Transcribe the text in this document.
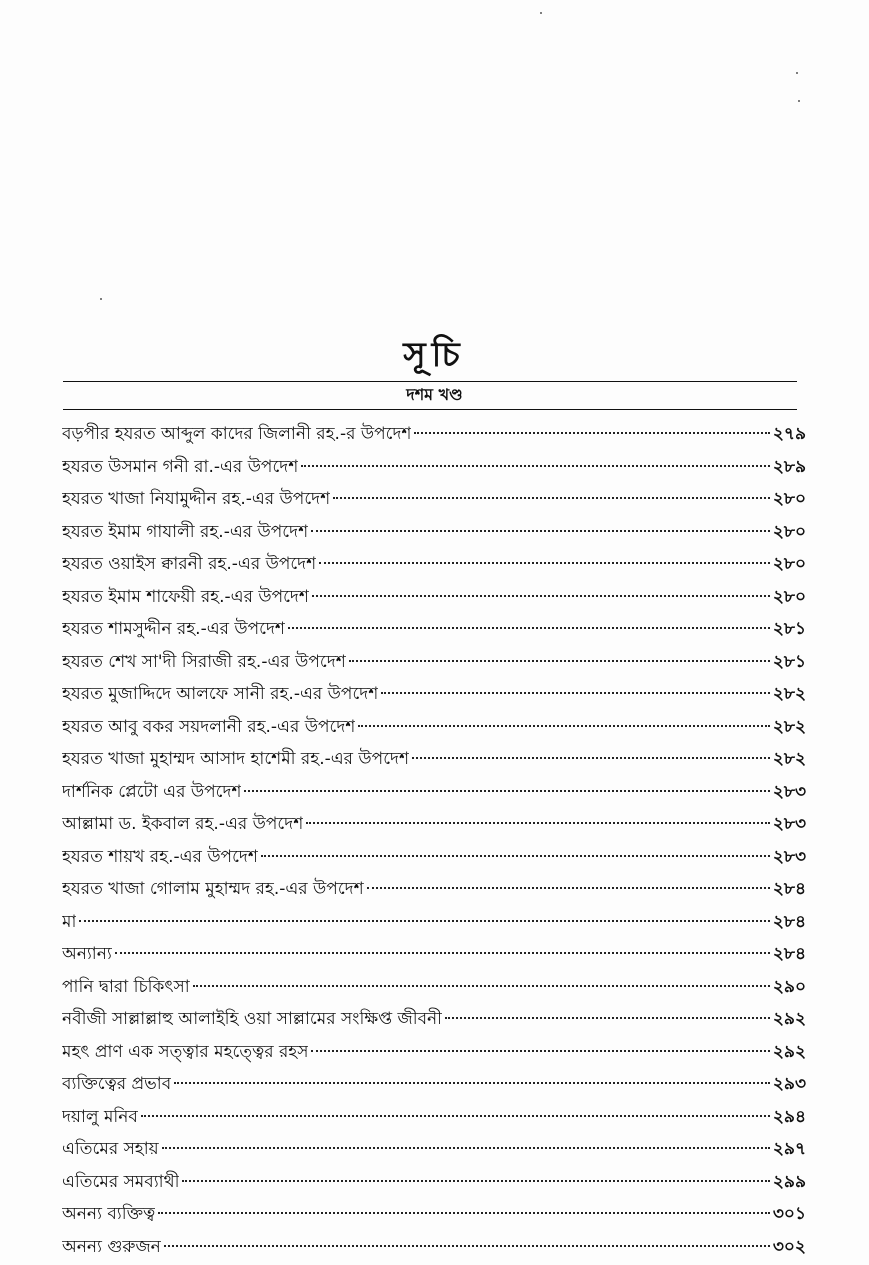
সূচি
দশম খণ্ড
বড়পীর হযরত আব্দুল কাদের জিলানী রহ.-র উপদেশ	২৭৯
হযরত উসমান গনী রা.-এর উপদেশ	২৮৯
হযরত খাজা নিযামুদ্দীন রহ.-এর উপদেশ	২৮০
হযরত ইমাম গাযালী রহ.-এর উপদেশ	২৮০
হযরত ওয়াইস ক্বারনী রহ.-এর উপদেশ	২৮০
হযরত ইমাম শাফেয়ী রহ.-এর উপদেশ	২৮০
হযরত শামসুদ্দীন রহ.-এর উপদেশ	২৮১
হযরত শেখ সা'দী সিরাজী রহ.-এর উপদেশ	২৮১
হযরত মুজাদ্দিদে আলফে সানী রহ.-এর উপদেশ	২৮২
হযরত আবু বকর সয়দলানী রহ.-এর উপদেশ	২৮২
হযরত খাজা মুহাম্মদ আসাদ হাশেমী রহ.-এর উপদেশ	২৮২
দার্শনিক প্লেটো এর উপদেশ	২৮৩
আল্লামা ড. ইকবাল রহ.-এর উপদেশ	২৮৩
হযরত শায়খ রহ.-এর উপদেশ	২৮৩
হযরত খাজা গোলাম মুহাম্মদ রহ.-এর উপদেশ	২৮৪
মা	২৮৪
অন্যান্য	২৮৪
পানি দ্বারা চিকিৎসা	২৯০
নবীজী সাল্লাল্লাহু আলাইহি ওয়া সাল্লামের সংক্ষিপ্ত জীবনী	২৯২
মহৎ প্রাণ এক সত্ত্বার মহত্ত্বের রহস	২৯২
ব্যক্তিত্বের প্রভাব	২৯৩
দয়ালু মনিব	২৯৪
এতিমের সহায়	২৯৭
এতিমের সমব্যাথী	২৯৯
অনন্য ব্যক্তিত্ব	৩০১
অনন্য গুরুজন	৩০২
